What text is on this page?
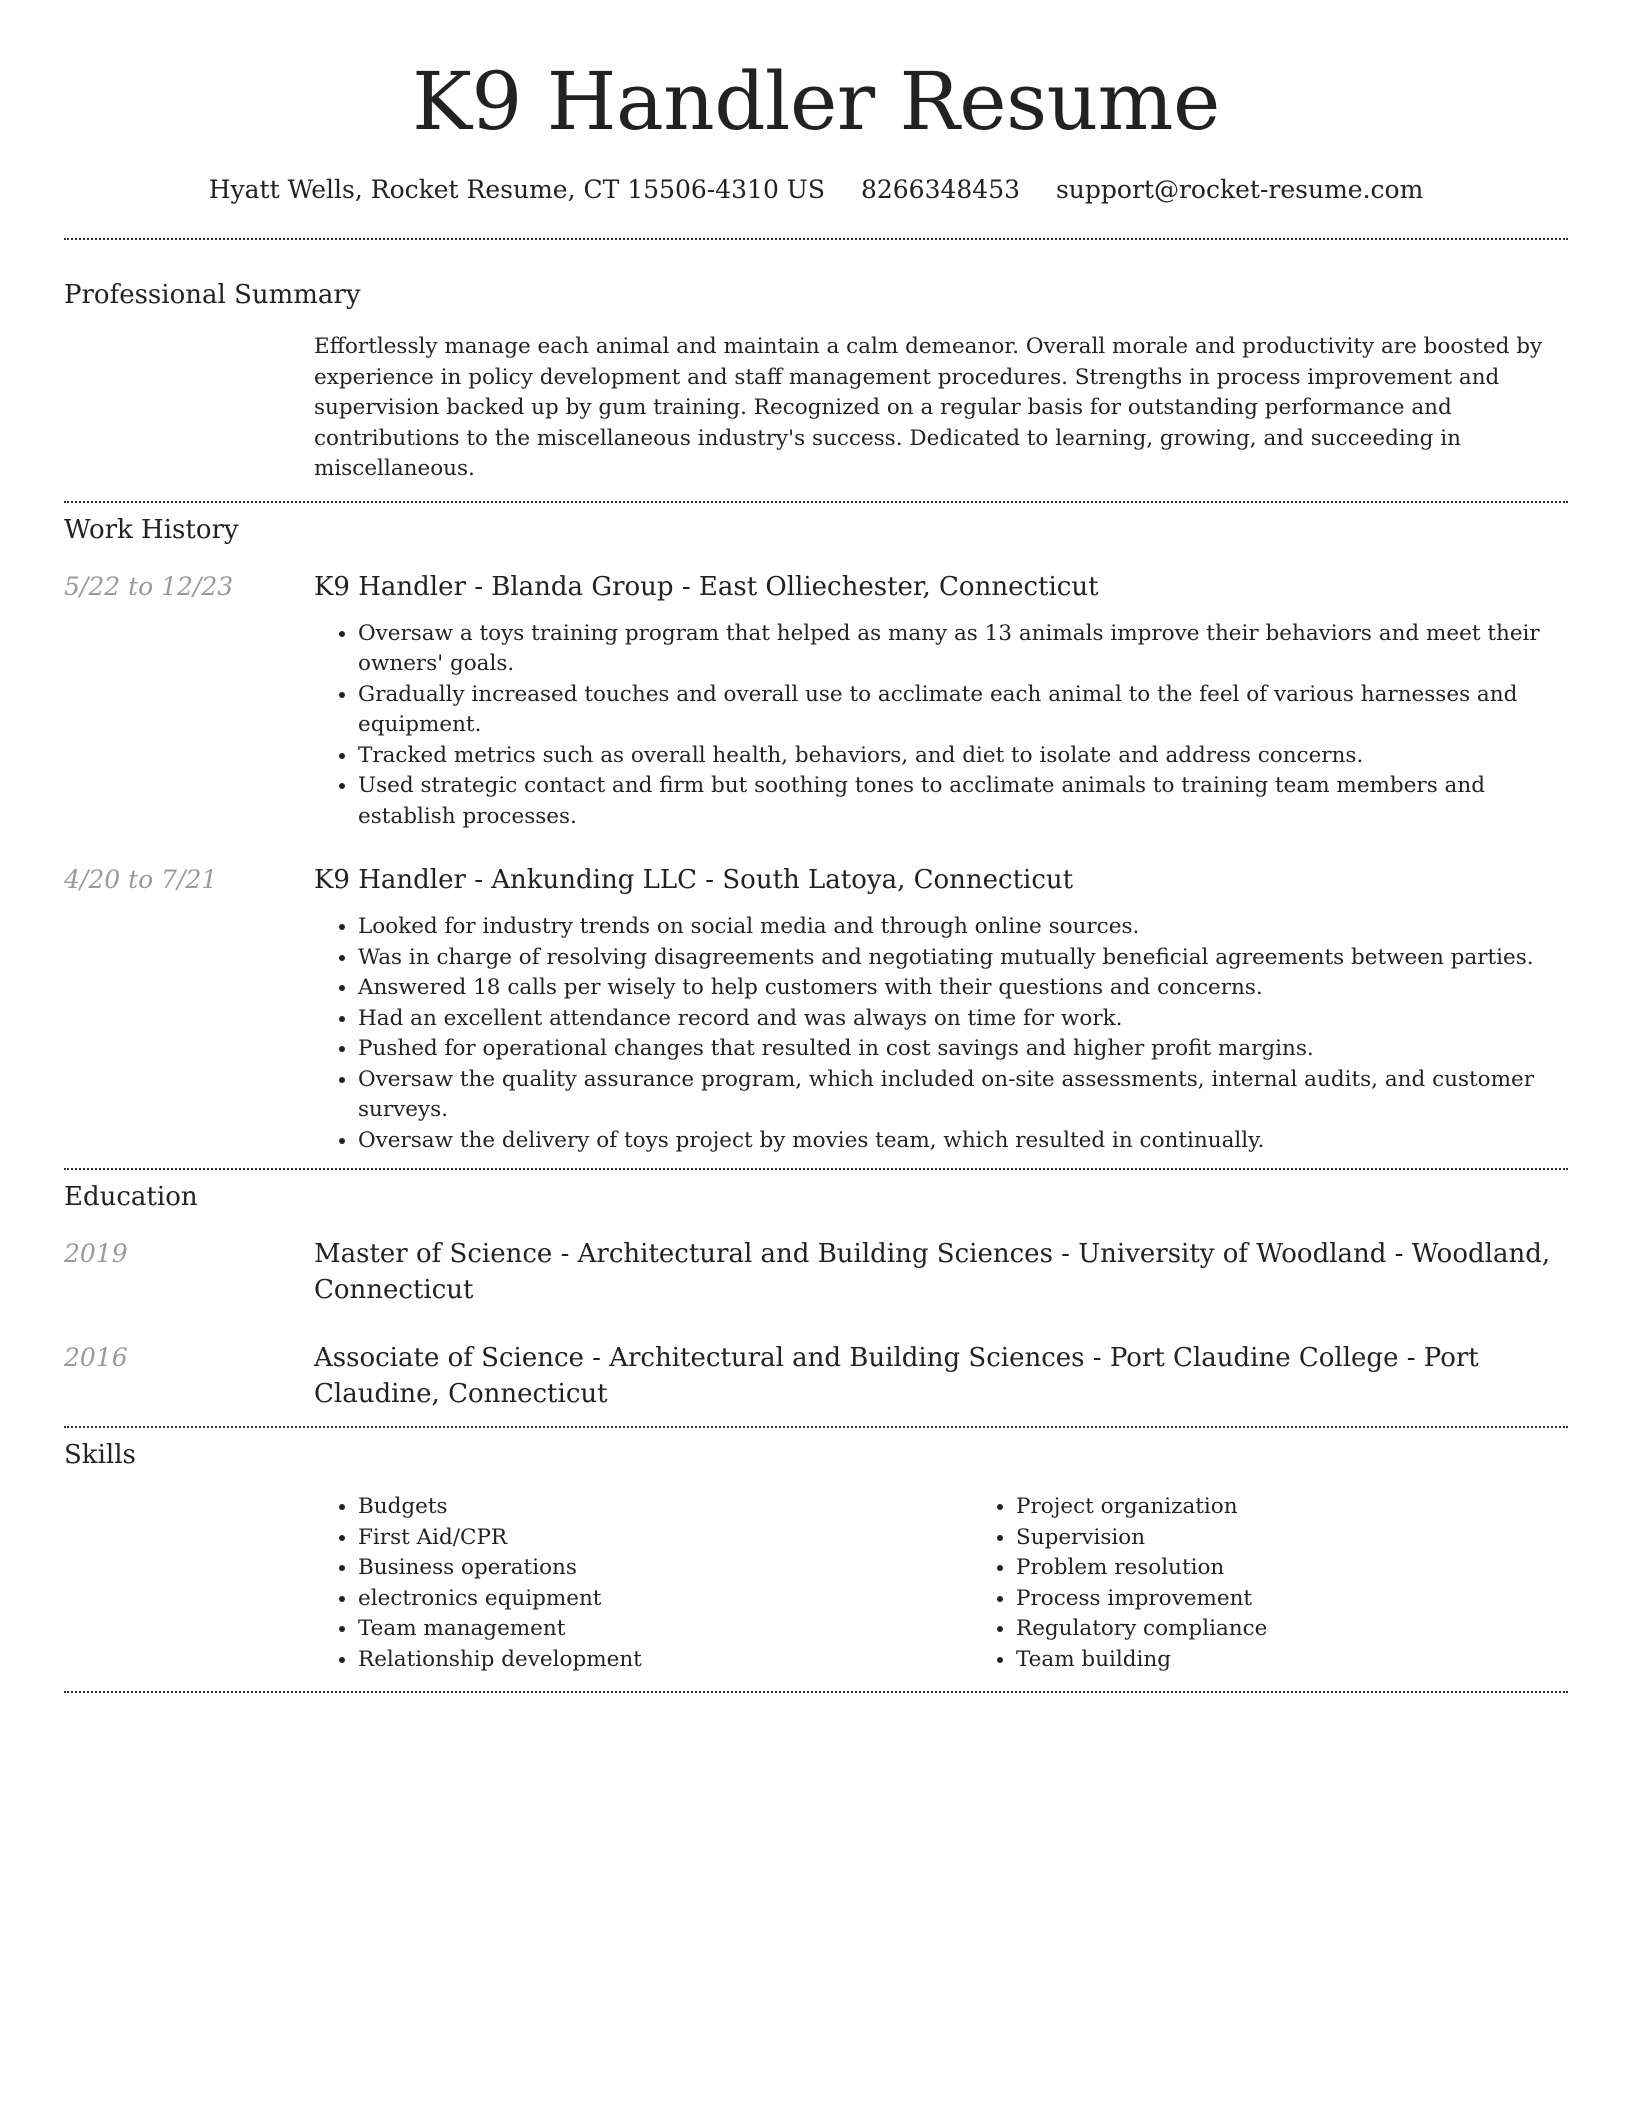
K9 Handler Resume
Hyatt Wells, Rocket Resume, CT 15506-4310 US 8266348453 support@rocket-resume.com
Professional Summary

Effortlessly manage each animal and maintain a calm demeanor. Overall morale and productivity are boosted by experience in policy development and staff management procedures. Strengths in process improvement and supervision backed up by gum training. Recognized on a regular basis for outstanding performance and contributions to the miscellaneous industry's success. Dedicated to learning, growing, and succeeding in miscellaneous.

Work History
5/22 to 12/23	K9 Handler - Blanda Group - East Olliechester, Connecticut

• Oversaw a toys training program that helped as many as 13 animals improve their behaviors and meet their owners' goals.
• Gradually increased touches and overall use to acclimate each animal to the feel of various harnesses and equipment.
• Tracked metrics such as overall health, behaviors, and diet to isolate and address concerns.
• Used strategic contact and firm but soothing tones to acclimate animals to training team members and establish processes.
4/20 to 7/21	K9 Handler - Ankunding LLC - South Latoya, Connecticut

• Looked for industry trends on social media and through online sources.
• Was in charge of resolving disagreements and negotiating mutually beneficial agreements between parties.
• Answered 18 calls per wisely to help customers with their questions and concerns.
• Had an excellent attendance record and was always on time for work.
• Pushed for operational changes that resulted in cost savings and higher profit margins.
• Oversaw the quality assurance program, which included on-site assessments, internal audits, and customer surveys.
• Oversaw the delivery of toys project by movies team, which resulted in continually.
Education
2019	Master of Science - Architectural and Building Sciences - University of Woodland - Woodland, Connecticut

2016	Associate of Science - Architectural and Building Sciences - Port Claudine College - Port Claudine, Connecticut

Skills
• Budgets
• First Aid/CPR
• Business operations
• electronics equipment
• Team management
• Relationship development
• Project organization
• Supervision
• Problem resolution
• Process improvement
• Regulatory compliance
• Team building
